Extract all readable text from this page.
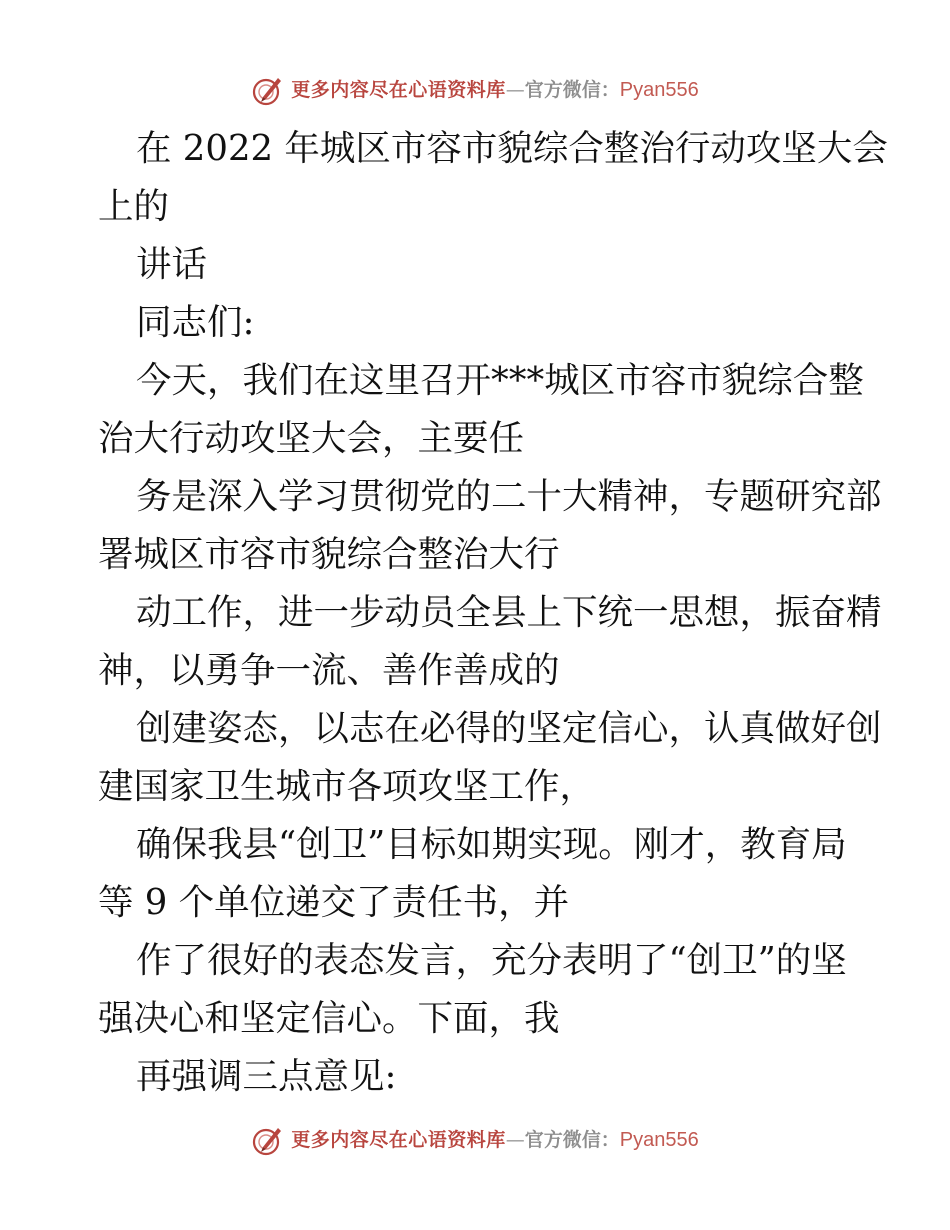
更多内容尽在心语资料库 — 官方微信： Pyan556
在 2022 年城区市容市貌综合整治行动攻坚大会
上的
讲话
同志们:
今天，我们在这里召开***城区市容市貌综合整
治大行动攻坚大会，主要任
务是深入学习贯彻党的二十大精神，专题研究部
署城区市容市貌综合整治大行
动工作，进一步动员全县上下统一思想，振奋精
神，以勇争一流、善作善成的
创建姿态，以志在必得的坚定信心，认真做好创
建国家卫生城市各项攻坚工作，
确保我县“创卫”目标如期实现。刚才，教育局
等 9 个单位递交了责任书，并
作了很好的表态发言，充分表明了“创卫”的坚
强决心和坚定信心。下面，我
再强调三点意见:
更多内容尽在心语资料库 — 官方微信： Pyan556
